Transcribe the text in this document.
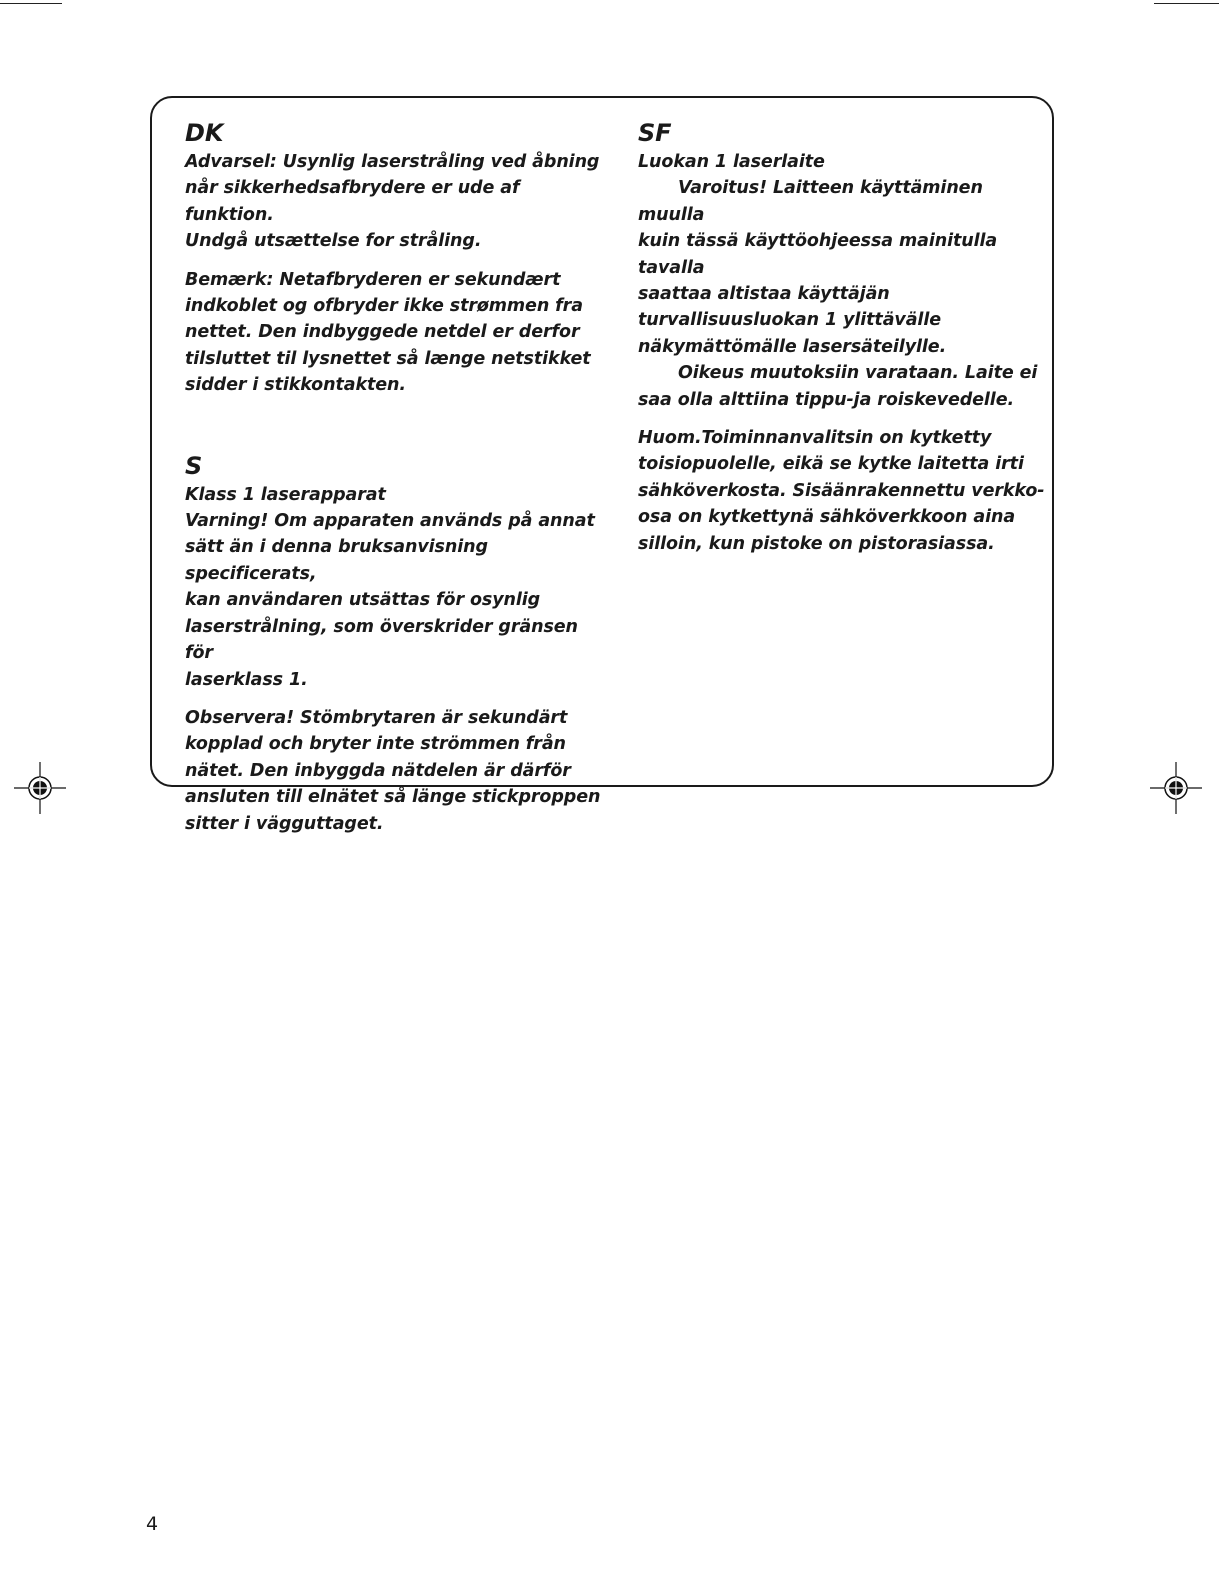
DK

Advarsel: Usynlig laserstråling ved åbning
når sikkerhedsafbrydere er ude af funktion.
Undgå utsættelse for stråling.

Bemærk: Netafbryderen er sekundært
indkoblet og ofbryder ikke strømmen fra
nettet. Den indbyggede netdel er derfor
tilsluttet til lysnettet så længe netstikket
sidder i stikkontakten.

S

Klass 1 laserapparat

Varning! Om apparaten används på annat
sätt än i denna bruksanvisning specificerats,
kan användaren utsättas för osynlig
laserstrålning, som överskrider gränsen för
laserklass 1.

Observera! Stömbrytaren är sekundärt
kopplad och bryter inte strömmen från
nätet. Den inbyggda nätdelen är därför
ansluten till elnätet så länge stickproppen
sitter i vägguttaget.

SF

Luokan 1 laserlaite

Varoitus! Laitteen käyttäminen muulla
kuin tässä käyttöohjeessa mainitulla tavalla
saattaa altistaa käyttäjän
turvallisuusluokan 1 ylittävälle
näkymättömälle lasersäteilylle.

Oikeus muutoksiin varataan. Laite ei
saa olla alttiina tippu-ja roiskevedelle.

Huom.Toiminnanvalitsin on kytketty
toisiopuolelle, eikä se kytke laitetta irti
sähköverkosta. Sisäänrakennettu verkko-
osa on kytkettynä sähköverkkoon aina
silloin, kun pistoke on pistorasiassa.

4
